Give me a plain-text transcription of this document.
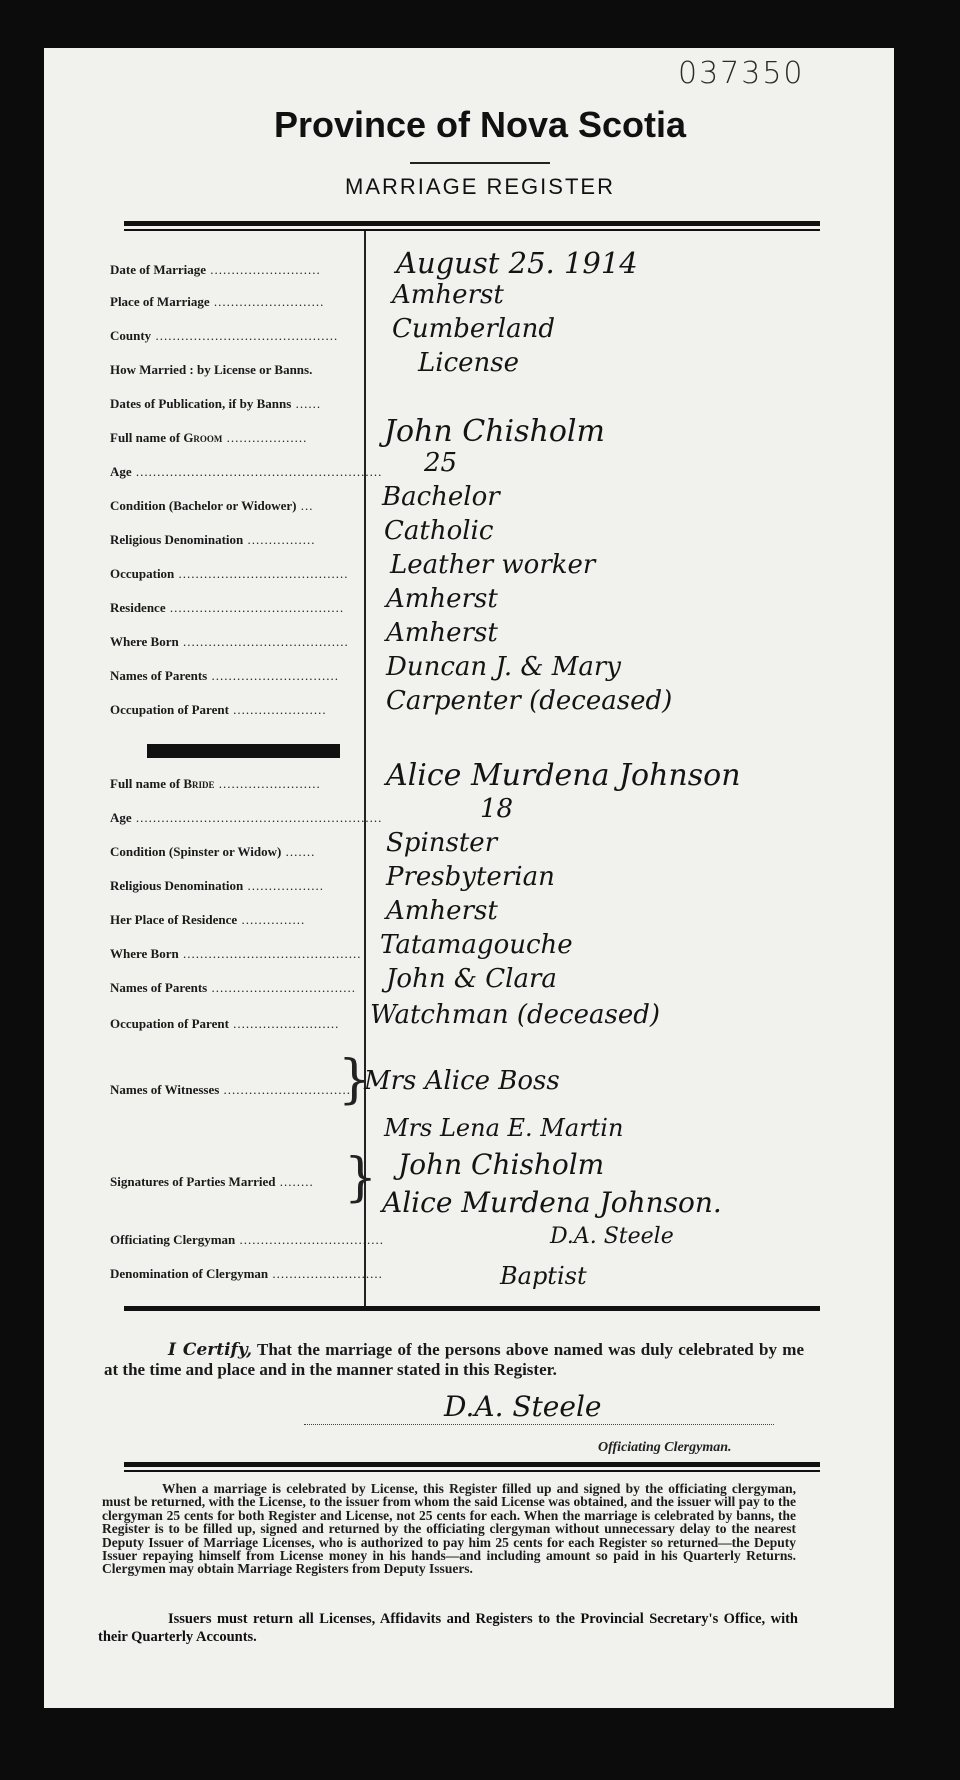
037350
Province of Nova Scotia
MARRIAGE REGISTER
Date of Marriage ..........................
Place of Marriage ..........................
County ...........................................
How Married : by License or Banns.
Dates of Publication, if by Banns ......
Full name of Groom ...................
Age ..........................................................
Condition (Bachelor or Widower) ...
Religious Denomination ................
Occupation ........................................
Residence .........................................
Where Born .......................................
Names of Parents ..............................
Occupation of Parent ......................
Full name of Bride ........................
Age ..........................................................
Condition (Spinster or Widow) .......
Religious Denomination ..................
Her Place of Residence ...............
Where Born ..........................................
Names of Parents ..................................
Occupation of Parent .........................
Names of Witnesses ..............................
Signatures of Parties Married ........
Officiating Clergyman ..................................
Denomination of Clergyman ..........................
}
}
August 25. 1914
Amherst
Cumberland
License
John Chisholm
25
Bachelor
Catholic
Leather worker
Amherst
Amherst
Duncan J. & Mary
Carpenter (deceased)
Alice Murdena Johnson
18
Spinster
Presbyterian
Amherst
Tatamagouche
John & Clara
Watchman (deceased)
Mrs Alice Boss
Mrs Lena E. Martin
John Chisholm
Alice Murdena Johnson.
D.A. Steele
Baptist
I Certify, That the marriage of the persons above named was duly celebrated by me at the time and place and in the manner stated in this Register.
D.A. Steele
Officiating Clergyman.
When a marriage is celebrated by License, this Register filled up and signed by the officiating clergyman, must be returned, with the License, to the issuer from whom the said License was obtained, and the issuer will pay to the clergyman 25 cents for both Register and License, not 25 cents for each. When the marriage is celebrated by banns, the Register is to be filled up, signed and returned by the officiating clergyman without unnecessary delay to the nearest Deputy Issuer of Marriage Licenses, who is authorized to pay him 25 cents for each Register so returned—the Deputy Issuer repaying himself from License money in his hands—and including amount so paid in his Quarterly Returns. Clergymen may obtain Marriage Registers from Deputy Issuers.
Issuers must return all Licenses, Affidavits and Registers to the Provincial Secretary's Office, with their Quarterly Accounts.
